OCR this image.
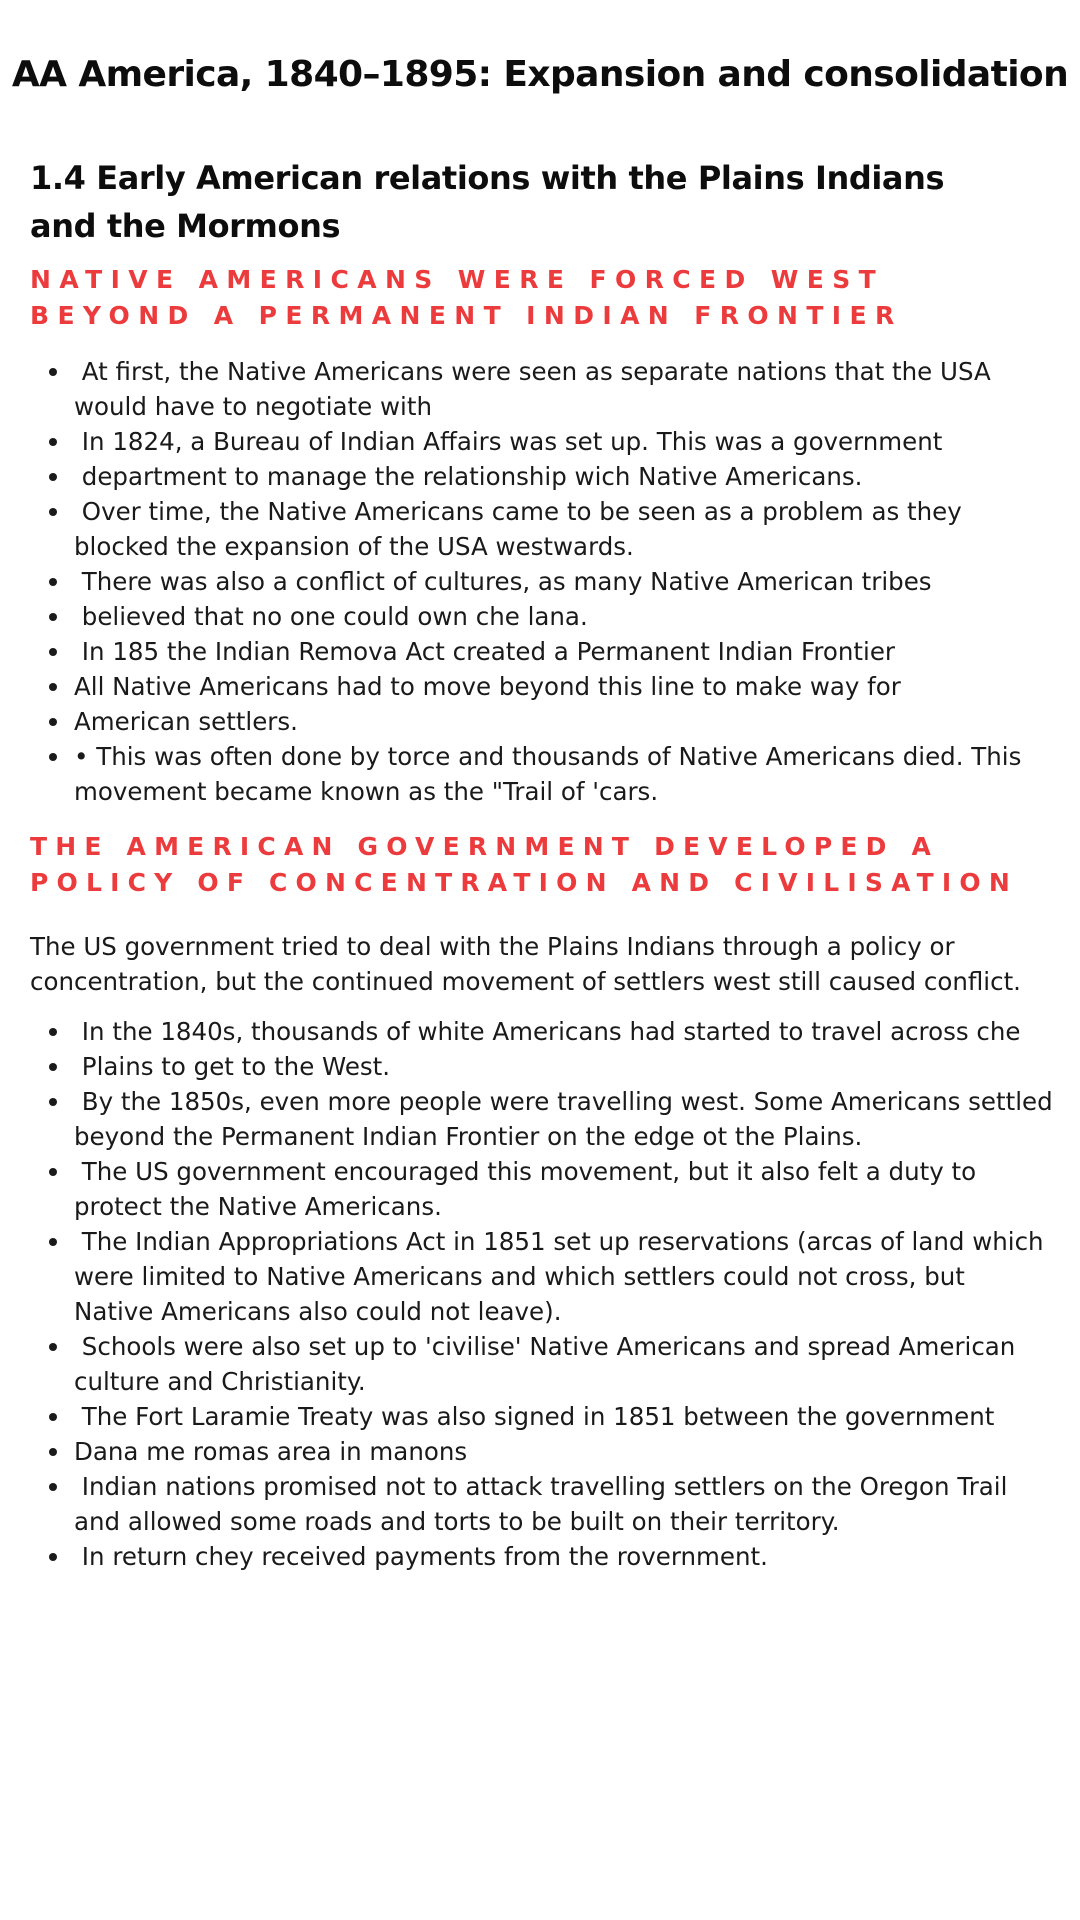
AA America, 1840–1895: Expansion and consolidation
1.4 Early American relations with the Plains Indians
and the Mormons
NATIVE AMERICANS WERE FORCED WEST
BEYOND A PERMANENT INDIAN FRONTIER
At first, the Native Americans were seen as separate nations that the USA
would have to negotiate with
In 1824, a Bureau of Indian Affairs was set up. This was a government
department to manage the relationship wich Native Americans.
Over time, the Native Americans came to be seen as a problem as they
blocked the expansion of the USA westwards.
There was also a conflict of cultures, as many Native American tribes
believed that no one could own che lana.
In 185 the Indian Remova Act created a Permanent Indian Frontier
All Native Americans had to move beyond this line to make way for
American settlers.
• This was often done by torce and thousands of Native Americans died. This
movement became known as the "Trail of 'cars.
THE AMERICAN GOVERNMENT DEVELOPED A
POLICY OF CONCENTRATION AND CIVILISATION

The US government tried to deal with the Plains Indians through a policy or
concentration, but the continued movement of settlers west still caused conflict.

In the 1840s, thousands of white Americans had started to travel across che
Plains to get to the West.
By the 1850s, even more people were travelling west. Some Americans settled
beyond the Permanent Indian Frontier on the edge ot the Plains.
The US government encouraged this movement, but it also felt a duty to
protect the Native Americans.
The Indian Appropriations Act in 1851 set up reservations (arcas of land which
were limited to Native Americans and which settlers could not cross, but
Native Americans also could not leave).
Schools were also set up to 'civilise' Native Americans and spread American
culture and Christianity.
The Fort Laramie Treaty was also signed in 1851 between the government
Dana me romas area in manons
Indian nations promised not to attack travelling settlers on the Oregon Trail
and allowed some roads and torts to be built on their territory.
In return chey received payments from the rovernment.
